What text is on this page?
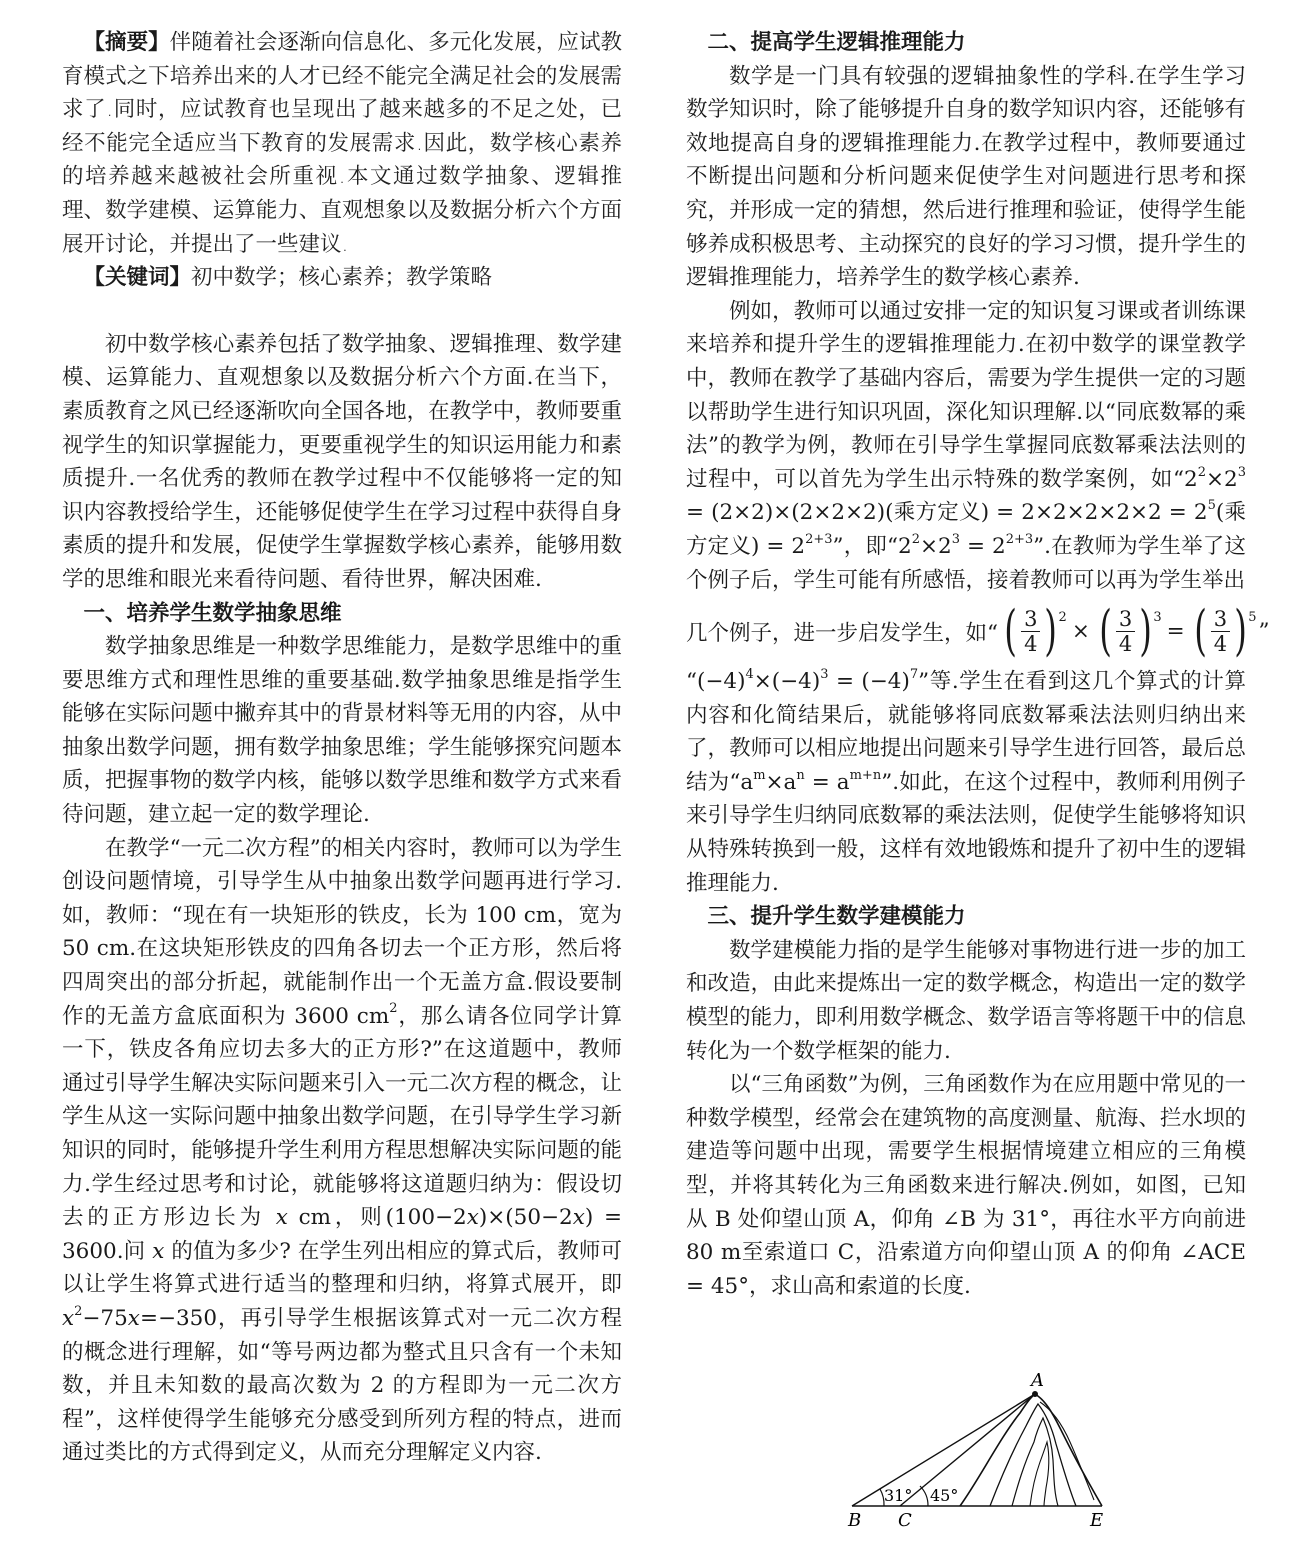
【摘要】伴随着社会逐渐向信息化、多元化发展，应试教育模式之下培养出来的人才已经不能完全满足社会的发展需求了.同时，应试教育也呈现出了越来越多的不足之处，已经不能完全适应当下教育的发展需求.因此，数学核心素养的培养越来越被社会所重视.本文通过数学抽象、逻辑推理、数学建模、运算能力、直观想象以及数据分析六个方面展开讨论，并提出了一些建议.

【关键词】初中数学；核心素养；教学策略

初中数学核心素养包括了数学抽象、逻辑推理、数学建模、运算能力、直观想象以及数据分析六个方面.在当下，素质教育之风已经逐渐吹向全国各地，在教学中，教师要重视学生的知识掌握能力，更要重视学生的知识运用能力和素质提升.一名优秀的教师在教学过程中不仅能够将一定的知识内容教授给学生，还能够促使学生在学习过程中获得自身素质的提升和发展，促使学生掌握数学核心素养，能够用数学的思维和眼光来看待问题、看待世界，解决困难.

一、培养学生数学抽象思维

数学抽象思维是一种数学思维能力，是数学思维中的重要思维方式和理性思维的重要基础.数学抽象思维是指学生能够在实际问题中撇弃其中的背景材料等无用的内容，从中抽象出数学问题，拥有数学抽象思维；学生能够探究问题本质，把握事物的数学内核，能够以数学思维和数学方式来看待问题，建立起一定的数学理论.

在教学“一元二次方程”的相关内容时，教师可以为学生创设问题情境，引导学生从中抽象出数学问题再进行学习.如，教师：“现在有一块矩形的铁皮，长为 100 cm，宽为 50 cm.在这块矩形铁皮的四角各切去一个正方形，然后将四周突出的部分折起，就能制作出一个无盖方盒.假设要制作的无盖方盒底面积为 3600 $cm^2$，那么请各位同学计算一下，铁皮各角应切去多大的正方形?”在这道题中，教师通过引导学生解决实际问题来引入一元二次方程的概念，让学生从这一实际问题中抽象出数学问题，在引导学生学习新知识的同时，能够提升学生利用方程思想解决实际问题的能力.学生经过思考和讨论，就能够将这道题归纳为：假设切去的正方形边长为 x cm，则(100−2x)×(50−2x) = 3600.问 x 的值为多少? 在学生列出相应的算式后，教师可以让学生将算式进行适当的整理和归纳，将算式展开，即$x^2-75x=-350$，再引导学生根据该算式对一元二次方程的概念进行理解，如“等号两边都为整式且只含有一个未知数，并且未知数的最高次数为 2 的方程即为一元二次方程”，这样使得学生能够充分感受到所列方程的特点，进而通过类比的方式得到定义，从而充分理解定义内容.

二、提高学生逻辑推理能力

数学是一门具有较强的逻辑抽象性的学科.在学生学习数学知识时，除了能够提升自身的数学知识内容，还能够有效地提高自身的逻辑推理能力.在教学过程中，教师要通过不断提出问题和分析问题来促使学生对问题进行思考和探究，并形成一定的猜想，然后进行推理和验证，使得学生能够养成积极思考、主动探究的良好的学习习惯，提升学生的逻辑推理能力，培养学生的数学核心素养.

例如，教师可以通过安排一定的知识复习课或者训练课来培养和提升学生的逻辑推理能力.在初中数学的课堂教学中，教师在教学了基础内容后，需要为学生提供一定的习题以帮助学生进行知识巩固，深化知识理解.以“同底数幂的乘法”的教学为例，教师在引导学生掌握同底数幂乘法法则的过程中，可以首先为学生出示特殊的数学案例，如“$2^2\times 2^3 = (2\times 2)\times(2\times 2\times 2)$(乘方定义) = $2\times 2\times 2\times 2\times 2 = 2^5$(乘方定义) = $2^{2+3}$”，即“$2^2\times 2^3 = 2^{2+3}$”.在教师为学生举了这个例子后，学生可能有所感悟，接着教师可以再为学生举出

几个例子，进一步启发学生，如“ ( $\frac{3}{4}$ ) 2
× ( $\frac{3}{4}$ ) 3
= ( $\frac{3}{4}$ ) 5
”

“$(-4)^4\times(-4)^3 = (-4)^7$”等.学生在看到这几个算式的计算内容和化简结果后，就能够将同底数幂乘法法则归纳出来了，教师可以相应地提出问题来引导学生进行回答，最后总结为“$a^m\times a^n = a^{m+n}$”.如此，在这个过程中，教师利用例子来引导学生归纳同底数幂的乘法法则，促使学生能够将知识从特殊转换到一般，这样有效地锻炼和提升了初中生的逻辑推理能力.

三、提升学生数学建模能力

数学建模能力指的是学生能够对事物进行进一步的加工和改造，由此来提炼出一定的数学概念，构造出一定的数学模型的能力，即利用数学概念、数学语言等将题干中的信息转化为一个数学框架的能力.

以“三角函数”为例，三角函数作为在应用题中常见的一种数学模型，经常会在建筑物的高度测量、航海、拦水坝的建造等问题中出现，需要学生根据情境建立相应的三角模型，并将其转化为三角函数来进行解决.例如，如图，已知从 B 处仰望山顶 A，仰角 ∠B 为 31°，再往水平方向前进 80 m至索道口 C，沿索道方向仰望山顶 A 的仰角 ∠ACE = 45°，求山高和索道的长度.

A
B C	E
31° 45°
